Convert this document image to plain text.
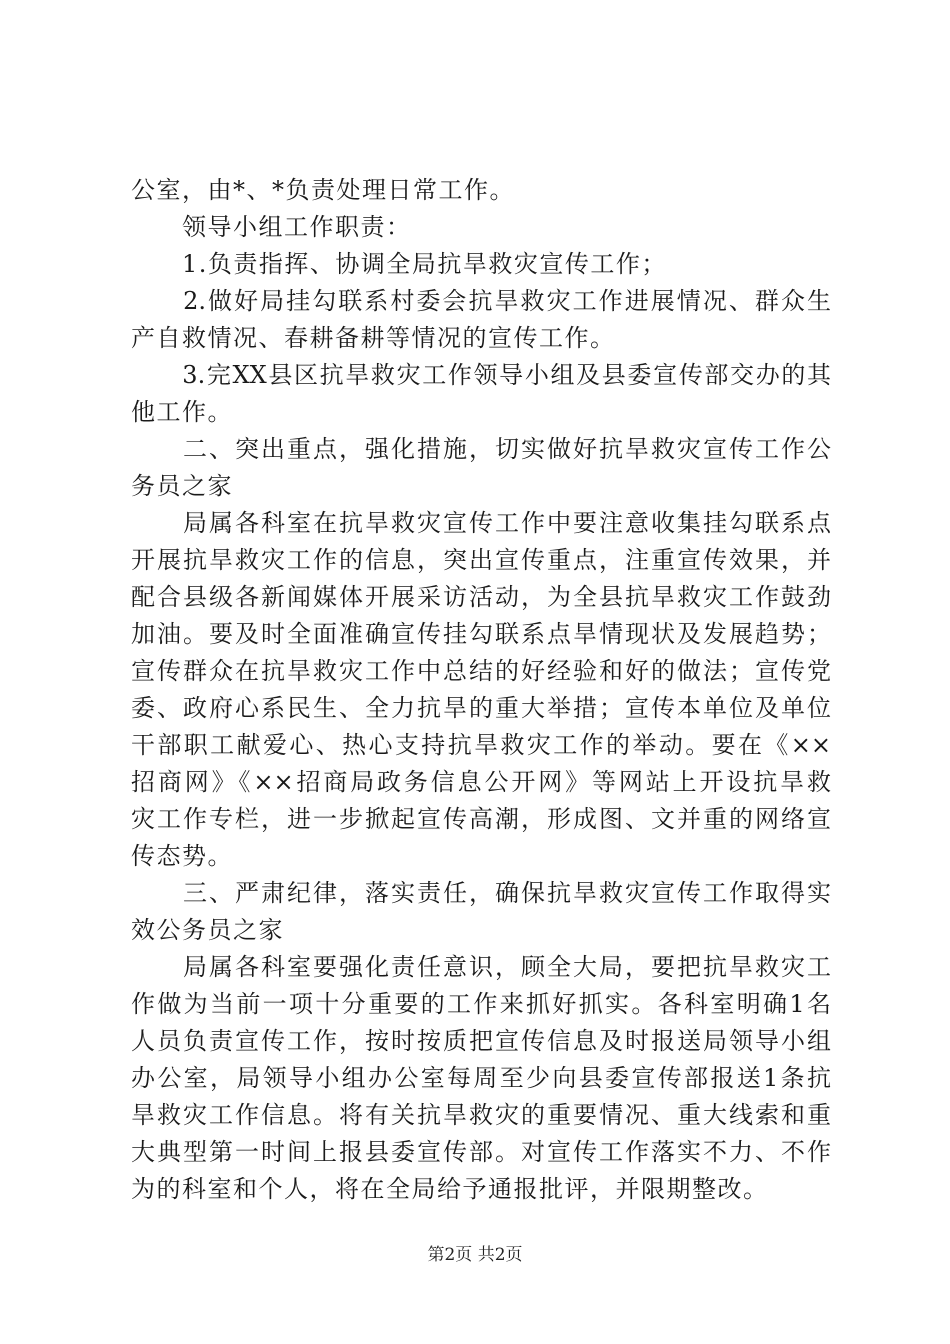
公室，由*、*负责处理日常工作。
　　领导小组工作职责：
　　1.负责指挥、协调全局抗旱救灾宣传工作；
　　2.做好局挂勾联系村委会抗旱救灾工作进展情况、群众生
产自救情况、春耕备耕等情况的宣传工作。
　　3.完XX县区抗旱救灾工作领导小组及县委宣传部交办的其
他工作。
　　二、突出重点，强化措施，切实做好抗旱救灾宣传工作公
务员之家
　　局属各科室在抗旱救灾宣传工作中要注意收集挂勾联系点
开展抗旱救灾工作的信息，突出宣传重点，注重宣传效果，并
配合县级各新闻媒体开展采访活动，为全县抗旱救灾工作鼓劲
加油。要及时全面准确宣传挂勾联系点旱情现状及发展趋势；
宣传群众在抗旱救灾工作中总结的好经验和好的做法；宣传党
委、政府心系民生、全力抗旱的重大举措；宣传本单位及单位
干部职工献爱心、热心支持抗旱救灾工作的举动。要在《××
招商网》《××招商局政务信息公开网》等网站上开设抗旱救
灾工作专栏，进一步掀起宣传高潮，形成图、文并重的网络宣
传态势。
　　三、严肃纪律，落实责任，确保抗旱救灾宣传工作取得实
效公务员之家
　　局属各科室要强化责任意识，顾全大局，要把抗旱救灾工
作做为当前一项十分重要的工作来抓好抓实。各科室明确1名
人员负责宣传工作，按时按质把宣传信息及时报送局领导小组
办公室，局领导小组办公室每周至少向县委宣传部报送1条抗
旱救灾工作信息。将有关抗旱救灾的重要情况、重大线索和重
大典型第一时间上报县委宣传部。对宣传工作落实不力、不作
为的科室和个人，将在全局给予通报批评，并限期整改。
第2页 共2页
